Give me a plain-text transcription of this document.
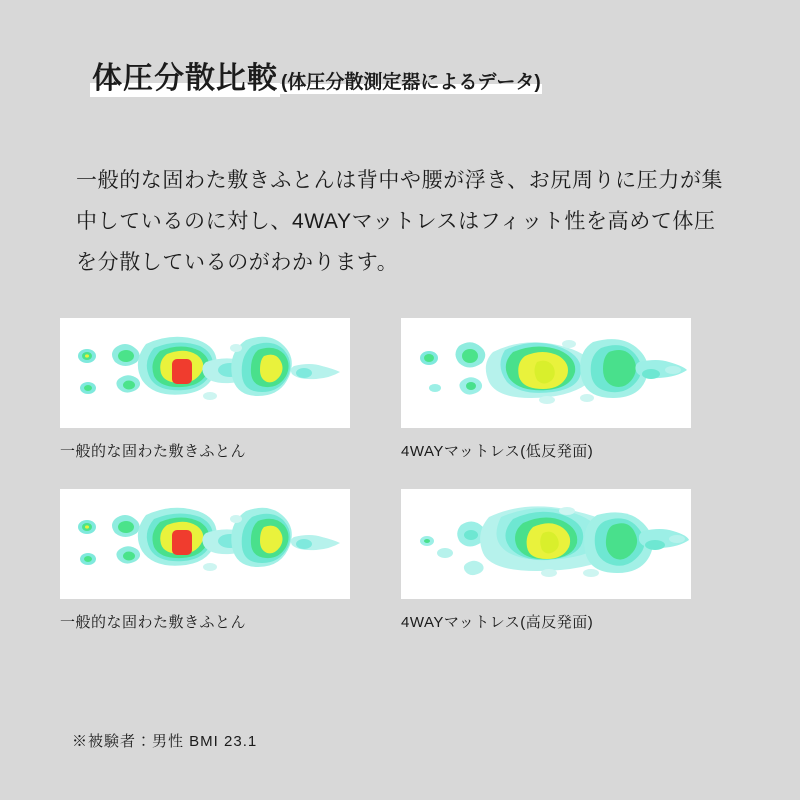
体圧分散比較 (体圧分散測定器によるデータ)

一般的な固わた敷きふとんは背中や腰が浮き、お尻周りに圧力が集中しているのに対し、4WAYマットレスはフィット性を高めて体圧を分散しているのがわかります。

一般的な固わた敷きふとん	4WAYマットレス(低反発面)
一般的な固わた敷きふとん	4WAYマットレス(高反発面)
※被験者：男性 BMI 23.1
